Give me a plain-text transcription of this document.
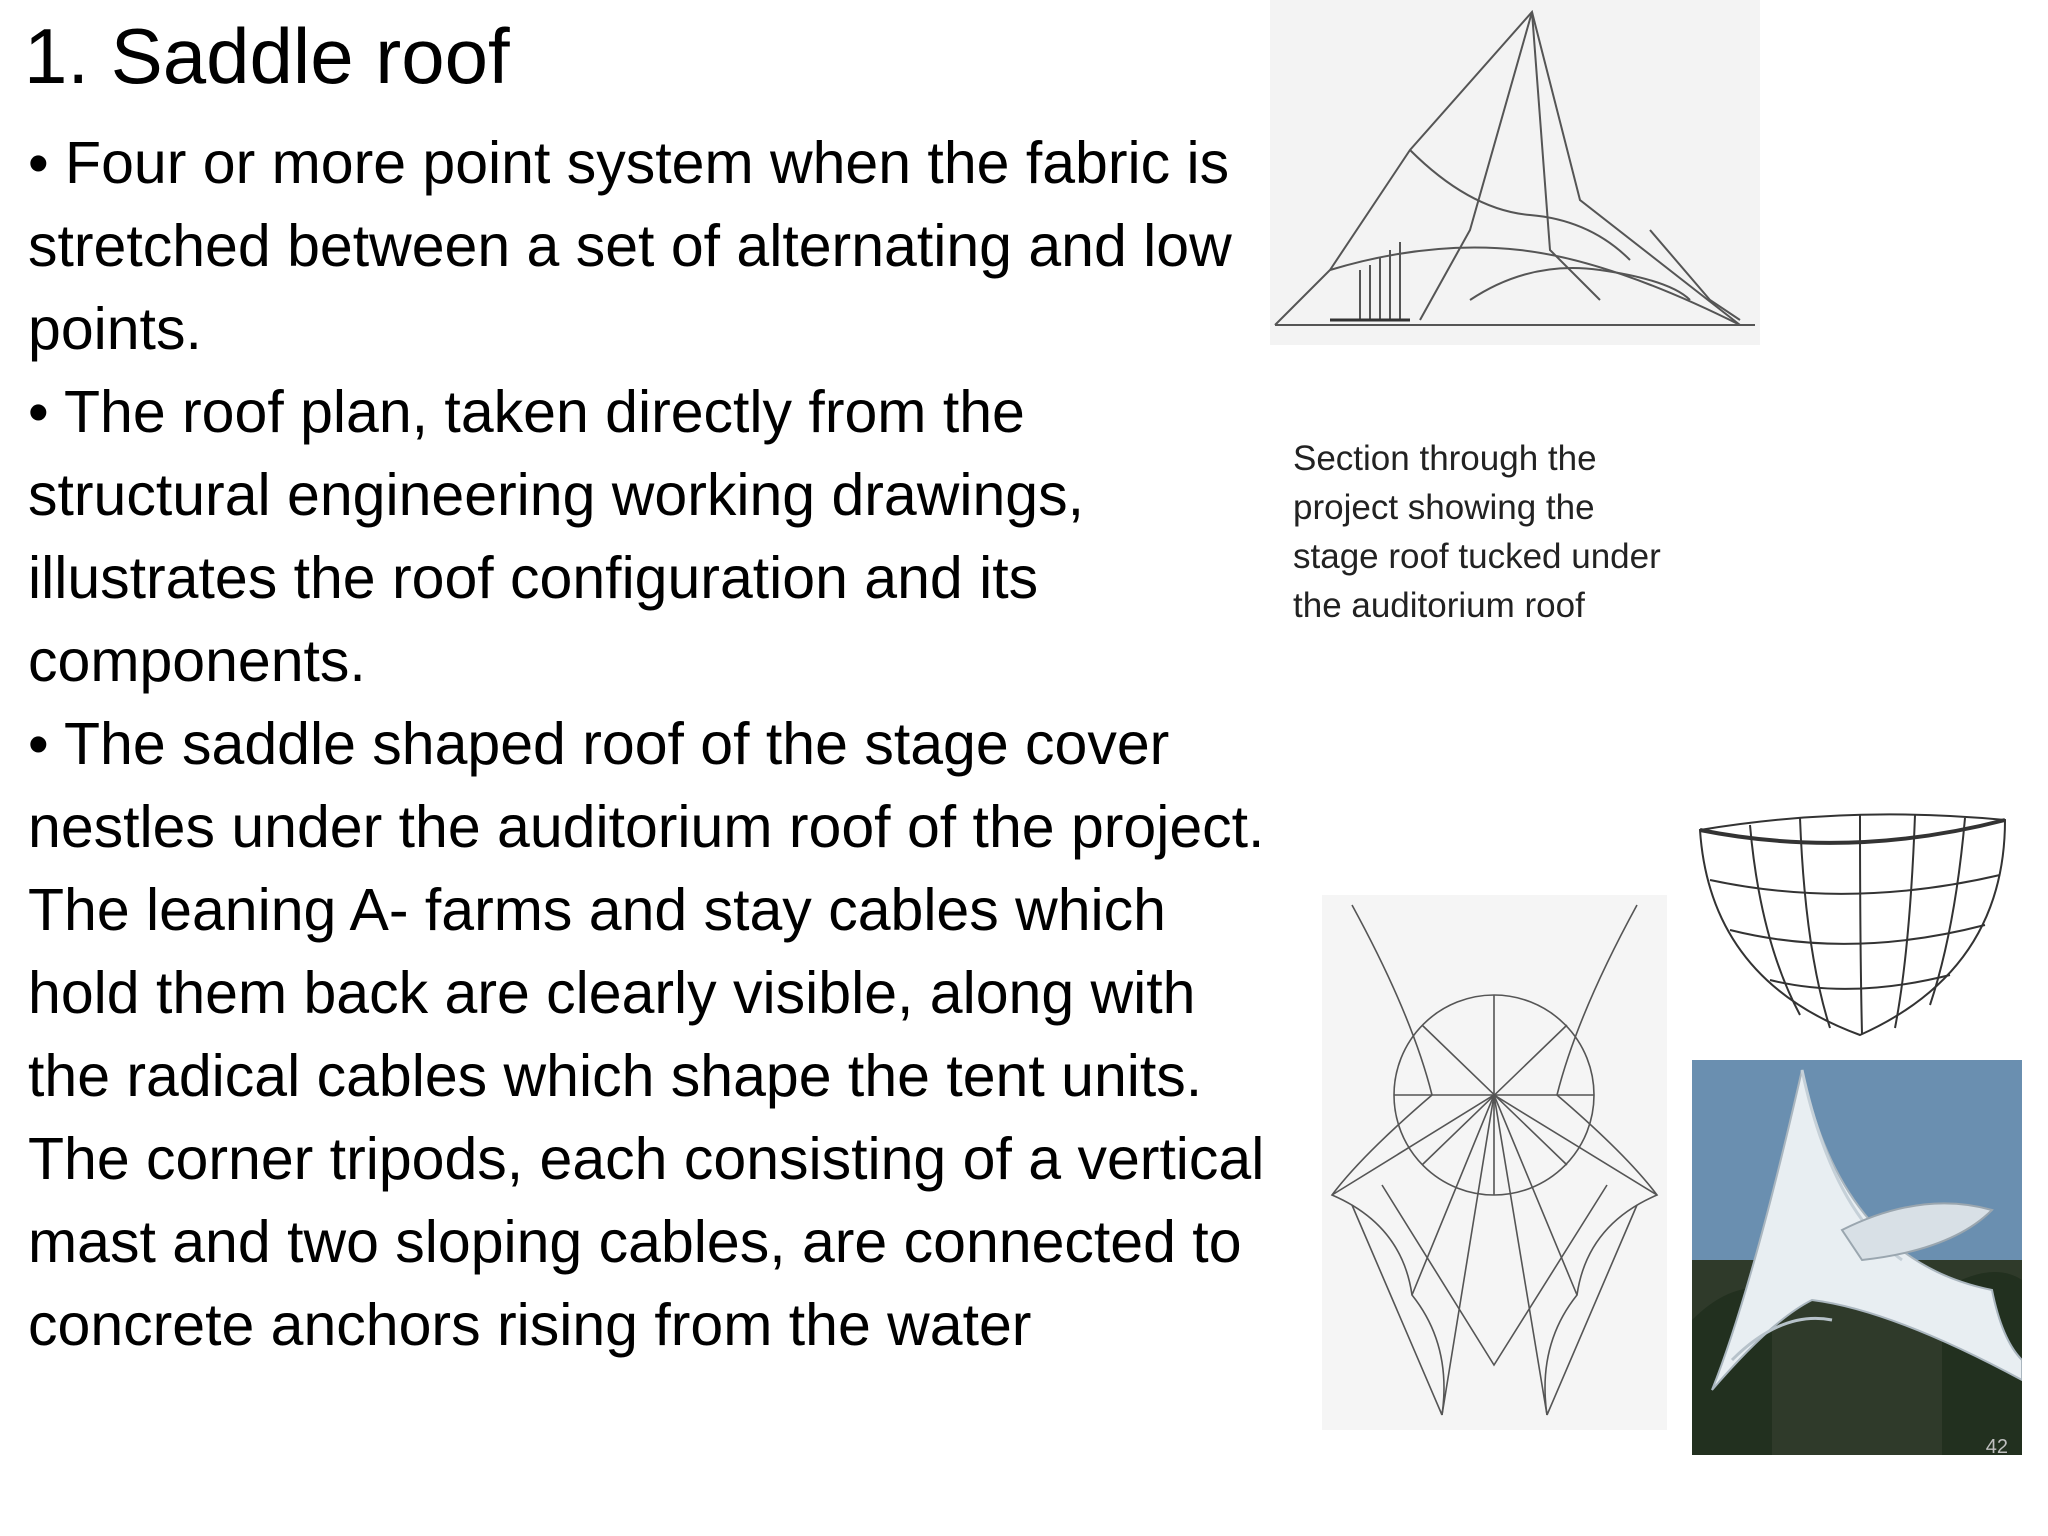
1. Saddle roof

• Four or more point system when the fabric is stretched between a set of alternating and low points.

• The roof plan, taken directly from the structural engineering working drawings, illustrates the roof configuration and its components.

• The saddle shaped roof of the stage cover nestles under the auditorium roof of the project. The leaning A- farms and stay cables which hold them back are clearly visible, along with the radical cables which shape the tent units. The corner tripods, each consisting of a vertical mast and two sloping cables, are connected to concrete anchors rising from the water

Section through the
project showing the
stage roof tucked under
the auditorium roof
42
